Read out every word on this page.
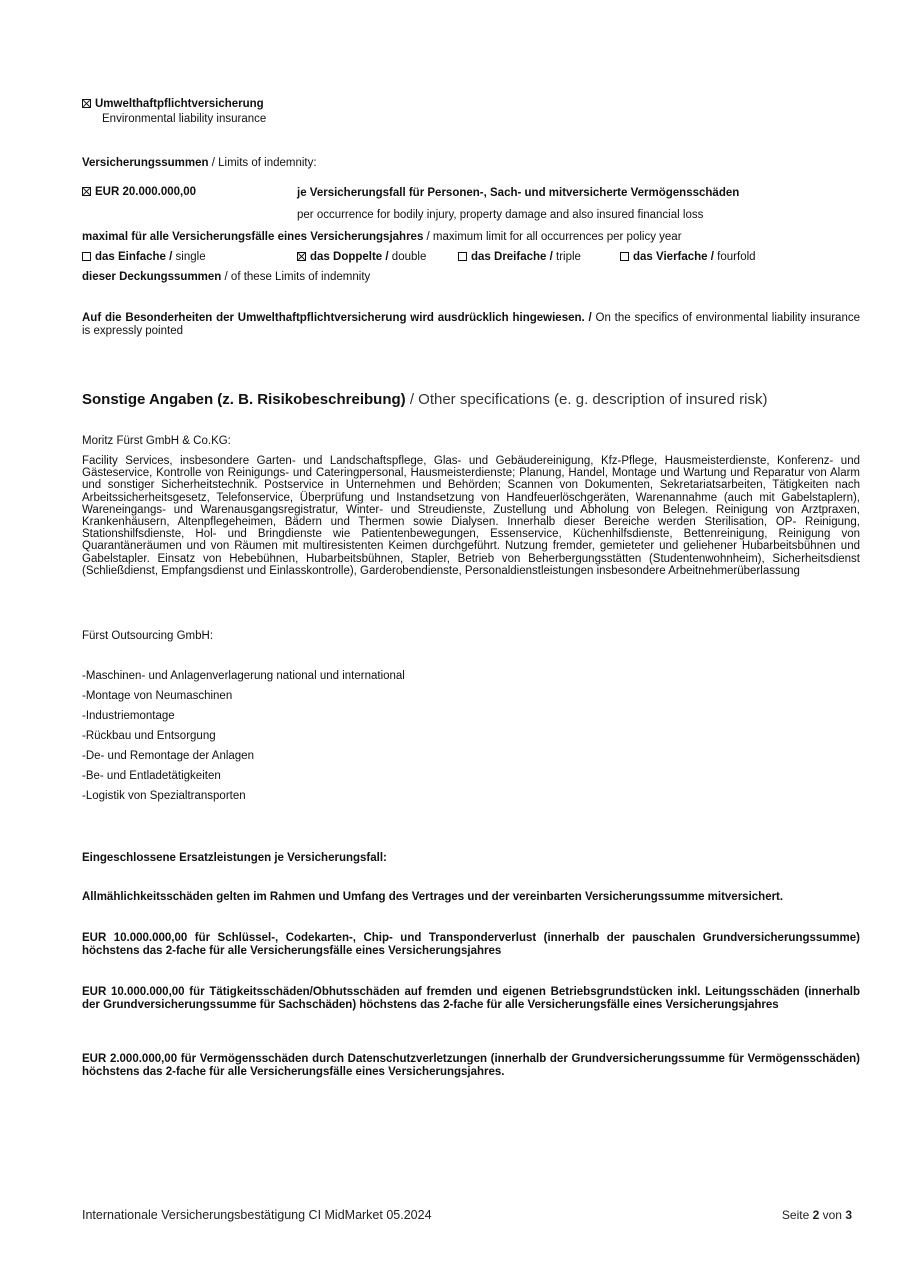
Umwelthaftpflichtversicherung
Environmental liability insurance
Versicherungssummen / Limits of indemnity:
EUR 20.000.000,00	je Versicherungsfall für Personen-, Sach- und mitversicherte Vermögensschäden
per occurrence for bodily injury, property damage and also insured financial loss
maximal für alle Versicherungsfälle eines Versicherungsjahres / maximum limit for all occurrences per policy year
das Einfache / single	das Doppelte / double	das Dreifache / triple	das Vierfache / fourfold
dieser Deckungssummen / of these Limits of indemnity
Auf die Besonderheiten der Umwelthaftpflichtversicherung wird ausdrücklich hingewiesen. / On the specifics of environmental liability insurance is expressly pointed
Sonstige Angaben (z. B. Risikobeschreibung) / Other specifications (e. g. description of insured risk)
Moritz Fürst GmbH & Co.KG:
Facility Services, insbesondere Garten- und Landschaftspflege, Glas- und Gebäudereinigung, Kfz-Pflege, Hausmeisterdienste, Konferenz- und Gästeservice, Kontrolle von Reinigungs- und Cateringpersonal, Hausmeisterdienste; Planung, Handel, Montage und Wartung und Reparatur von Alarm und sonstiger Sicherheitstechnik. Postservice in Unternehmen und Behörden; Scannen von Dokumenten, Sekretariatsarbeiten, Tätigkeiten nach Arbeitssicherheitsgesetz, Telefonservice, Überprüfung und Instandsetzung von Handfeuerlöschgeräten, Warenannahme (auch mit Gabelstaplern), Wareneingangs- und Warenausgangsregistratur, Winter- und Streudienste, Zustellung und Abholung von Belegen. Reinigung von Arztpraxen, Krankenhäusern, Altenpflegeheimen, Bädern und Thermen sowie Dialysen. Innerhalb dieser Bereiche werden Sterilisation, OP- Reinigung, Stationshilfsdienste, Hol- und Bringdienste wie Patientenbewegungen, Essenservice, Küchenhilfsdienste, Bettenreinigung, Reinigung von Quarantäneräumen und von Räumen mit multiresistenten Keimen durchgeführt. Nutzung fremder, gemieteter und geliehener Hubarbeitsbühnen und Gabelstapler. Einsatz von Hebebühnen, Hubarbeitsbühnen, Stapler, Betrieb von Beherbergungsstätten (Studentenwohnheim), Sicherheitsdienst (Schließdienst, Empfangsdienst und Einlasskontrolle), Garderobendienste, Personaldienstleistungen insbesondere Arbeitnehmerüberlassung
Fürst Outsourcing GmbH:
-Maschinen- und Anlagenverlagerung national und international
-Montage von Neumaschinen
-Industriemontage
-Rückbau und Entsorgung
-De- und Remontage der Anlagen
-Be- und Entladetätigkeiten
-Logistik von Spezialtransporten
Eingeschlossene Ersatzleistungen je Versicherungsfall:
Allmählichkeitsschäden gelten im Rahmen und Umfang des Vertrages und der vereinbarten Versicherungssumme mitversichert.
EUR 10.000.000,00 für Schlüssel-, Codekarten-, Chip- und Transponderverlust (innerhalb der pauschalen Grundversicherungssumme) höchstens das 2-fache für alle Versicherungsfälle eines Versicherungsjahres
EUR 10.000.000,00 für Tätigkeitsschäden/Obhutsschäden auf fremden und eigenen Betriebsgrundstücken inkl. Leitungsschäden (innerhalb der Grundversicherungssumme für Sachschäden) höchstens das 2-fache für alle Versicherungsfälle eines Versicherungsjahres
EUR 2.000.000,00 für Vermögensschäden durch Datenschutzverletzungen (innerhalb der Grundversicherungssumme für Vermögensschäden) höchstens das 2-fache für alle Versicherungsfälle eines Versicherungsjahres.
Internationale Versicherungsbestätigung CI MidMarket 05.2024	Seite 2 von 3
